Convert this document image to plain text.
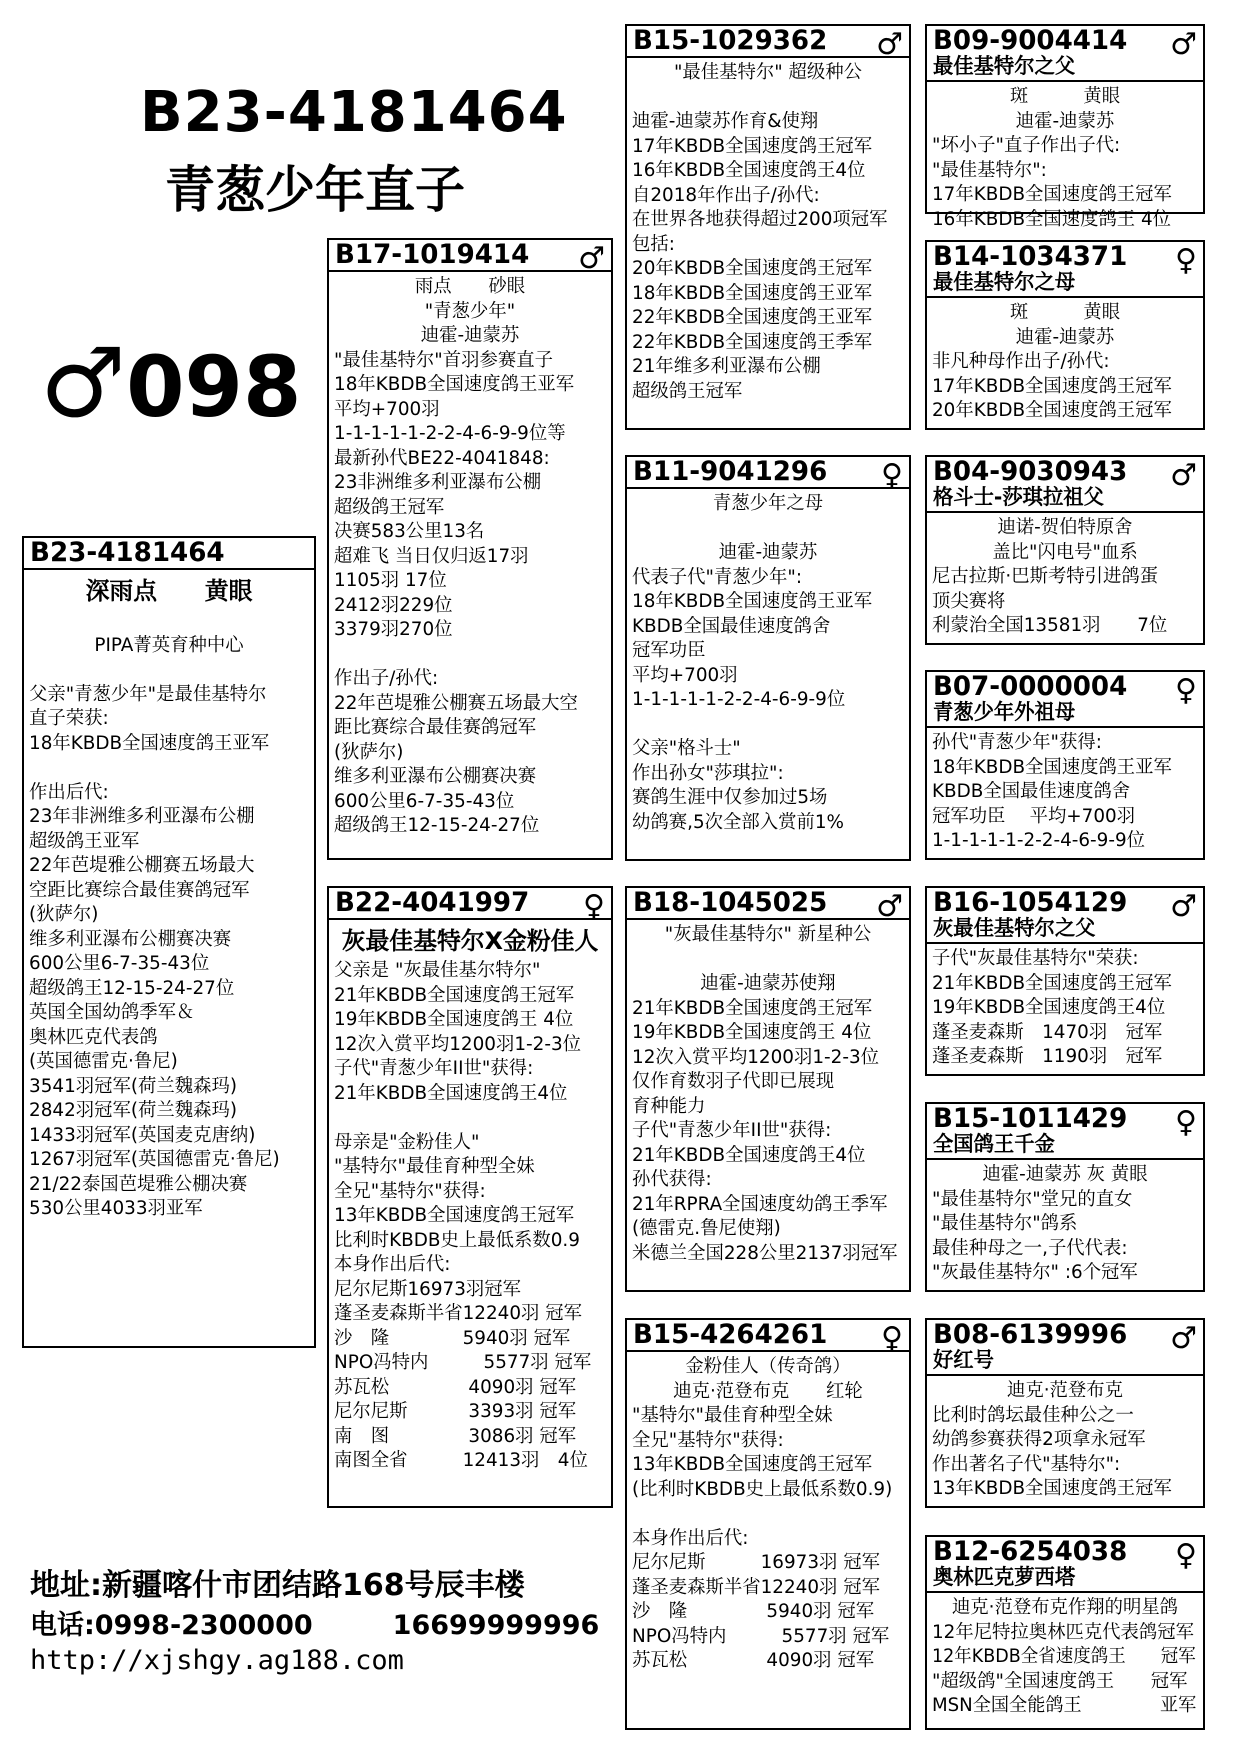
B23-4181464
青葱少年直子
♂098
B23-4181464
深雨点　　黄眼
PIPA菁英育种中心
父亲"青葱少年"是最佳基特尔
直子荣获:
18年KBDB全国速度鸽王亚军
作出后代:
23年非洲维多利亚瀑布公棚
超级鸽王亚军
22年芭堤雅公棚赛五场最大
空距比赛综合最佳赛鸽冠军
(狄萨尔)
维多利亚瀑布公棚赛决赛
600公里6-7-35-43位
超级鸽王12-15-24-27位
英国全国幼鸽季军＆
奥林匹克代表鸽
(英国德雷克·鲁尼)
3541羽冠军(荷兰魏森玛)
2842羽冠军(荷兰魏森玛)
1433羽冠军(英国麦克唐纳)
1267羽冠军(英国德雷克·鲁尼)
21/22泰国芭堤雅公棚决赛
530公里4033羽亚军
B17-1019414	♂
雨点　　砂眼
"青葱少年"
迪霍-迪蒙苏
"最佳基特尔"首羽参赛直子
18年KBDB全国速度鸽王亚军
平均+700羽
1-1-1-1-1-2-2-4-6-9-9位等
最新孙代BE22-4041848:
23非洲维多利亚瀑布公棚
超级鸽王冠军
决赛583公里13名
超难飞 当日仅归返17羽
1105羽 17位
2412羽229位
3379羽270位
作出子/孙代:
22年芭堤雅公棚赛五场最大空
距比赛综合最佳赛鸽冠军
(狄萨尔)
维多利亚瀑布公棚赛决赛
600公里6-7-35-43位
超级鸽王12-15-24-27位
B22-4041997	♀
灰最佳基特尔X金粉佳人
父亲是 "灰最佳基尔特尔"
21年KBDB全国速度鸽王冠军
19年KBDB全国速度鸽王 4位
12次入赏平均1200羽1-2-3位
子代"青葱少年II世"获得:
21年KBDB全国速度鸽王4位
母亲是"金粉佳人"
"基特尔"最佳育种型全妹
全兄"基特尔"获得:
13年KBDB全国速度鸽王冠军
比利时KBDB史上最低系数0.9
本身作出后代:
尼尔尼斯16973羽冠军
蓬圣麦森斯半省12240羽 冠军
沙　隆　　　　5940羽 冠军
NPO冯特内　　　5577羽 冠军
苏瓦松　　　　 4090羽 冠军
尼尔尼斯　　　 3393羽 冠军
南　图　　　　 3086羽 冠军
南图全省　　　12413羽　4位
B15-1029362	♂
"最佳基特尔" 超级种公
迪霍-迪蒙苏作育&使翔
17年KBDB全国速度鸽王冠军
16年KBDB全国速度鸽王4位
自2018年作出子/孙代:
在世界各地获得超过200项冠军
包括:
20年KBDB全国速度鸽王冠军
18年KBDB全国速度鸽王亚军
22年KBDB全国速度鸽王亚军
22年KBDB全国速度鸽王季军
21年维多利亚瀑布公棚
超级鸽王冠军
B11-9041296	♀
青葱少年之母
迪霍-迪蒙苏
代表子代"青葱少年":
18年KBDB全国速度鸽王亚军
KBDB全国最佳速度鸽舍
冠军功臣
平均+700羽
1-1-1-1-1-2-2-4-6-9-9位
父亲"格斗士"
作出孙女"莎琪拉":
赛鸽生涯中仅参加过5场
幼鸽赛,5次全部入赏前1%
B18-1045025	♂
"灰最佳基特尔" 新星种公
迪霍-迪蒙苏使翔
21年KBDB全国速度鸽王冠军
19年KBDB全国速度鸽王 4位
12次入赏平均1200羽1-2-3位
仅作育数羽子代即已展现
育种能力
子代"青葱少年II世"获得:
21年KBDB全国速度鸽王4位
孙代获得:
21年RPRA全国速度幼鸽王季军
(德雷克.鲁尼使翔)
米德兰全国228公里2137羽冠军
B15-4264261	♀
金粉佳人（传奇鸽）
迪克·范登布克　　红轮
"基特尔"最佳育种型全妹
全兄"基特尔"获得:
13年KBDB全国速度鸽王冠军
(比利时KBDB史上最低系数0.9)
本身作出后代:
尼尔尼斯　　　16973羽 冠军
蓬圣麦森斯半省12240羽 冠军
沙　隆　　　　 5940羽 冠军
NPO冯特内　　　5577羽 冠军
苏瓦松　　　　 4090羽 冠军
B09-9004414
最佳基特尔之父
♂
斑　　　黄眼
迪霍-迪蒙苏
"坏小子"直子作出子代:
"最佳基特尔":
17年KBDB全国速度鸽王冠军
16年KBDB全国速度鸽王 4位
B14-1034371
最佳基特尔之母
♀
斑　　　黄眼
迪霍-迪蒙苏
非凡种母作出子/孙代:
17年KBDB全国速度鸽王冠军
20年KBDB全国速度鸽王冠军
B04-9030943
格斗士-莎琪拉祖父
♂
迪诺-贺伯特原舍
盖比"闪电号"血系
尼古拉斯·巴斯考特引进鸽蛋
顶尖赛将
利蒙治全国13581羽　　7位
B07-0000004
青葱少年外祖母
♀
孙代"青葱少年"获得:
18年KBDB全国速度鸽王亚军
KBDB全国最佳速度鸽舍
冠军功臣　 平均+700羽
1-1-1-1-1-2-2-4-6-9-9位
B16-1054129
灰最佳基特尔之父
♂
子代"灰最佳基特尔"荣获:
21年KBDB全国速度鸽王冠军
19年KBDB全国速度鸽王4位
蓬圣麦森斯　1470羽　冠军
蓬圣麦森斯　1190羽　冠军
B15-1011429
全国鸽王千金
♀
迪霍-迪蒙苏 灰 黄眼
"最佳基特尔"堂兄的直女
"最佳基特尔"鸽系
最佳种母之一,子代代表:
"灰最佳基特尔" :6个冠军
B08-6139996
好红号
♂
迪克·范登布克
比利时鸽坛最佳种公之一
幼鸽参赛获得2项拿永冠军
作出著名子代"基特尔":
13年KBDB全国速度鸽王冠军
B12-6254038
奥林匹克萝西塔
♀
迪克·范登布克作翔的明星鸽
12年尼特拉奥林匹克代表鸽冠军
12年KBDB全省速度鸽王　　冠军
"超级鸽"全国速度鸽王　　冠军
MSN全国全能鸽王　　　　 亚军
地址:新疆喀什市团结路168号辰丰楼
电话:0998-2300000	16699999996
http://xjshgy.ag188.com
